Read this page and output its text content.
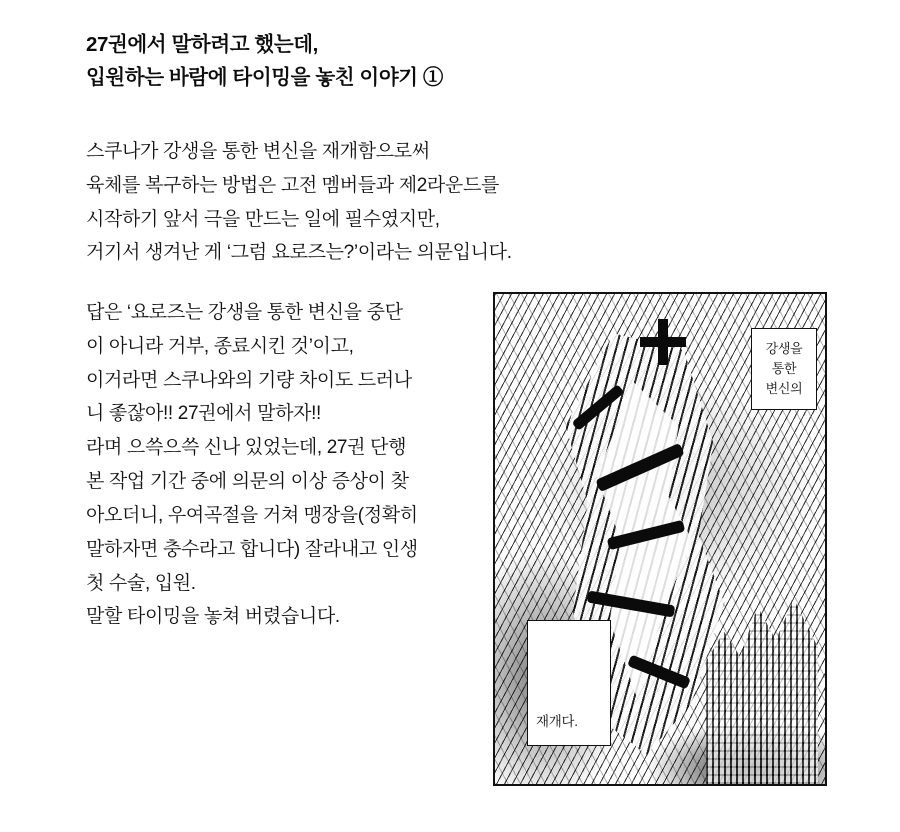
27권에서 말하려고 했는데,
입원하는 바람에 타이밍을 놓친 이야기 ①
스쿠나가 강생을 통한 변신을 재개함으로써
육체를 복구하는 방법은 고전 멤버들과 제2라운드를
시작하기 앞서 극을 만드는 일에 필수였지만,
거기서 생겨난 게 ‘그럼 요로즈는?’이라는 의문입니다.
답은 ‘요로즈는 강생을 통한 변신을 중단
이 아니라 거부, 종료시킨 것’이고,
이거라면 스쿠나와의 기량 차이도 드러나
니 좋잖아!! 27권에서 말하자!!
라며 으쓱으쓱 신나 있었는데, 27권 단행
본 작업 기간 중에 의문의 이상 증상이 찾
아오더니, 우여곡절을 거쳐 맹장을(정확히
말하자면 충수라고 합니다) 잘라내고 인생
첫 수술, 입원.
말할 타이밍을 놓쳐 버렸습니다.
강생을
통한
변신의
재개다.
